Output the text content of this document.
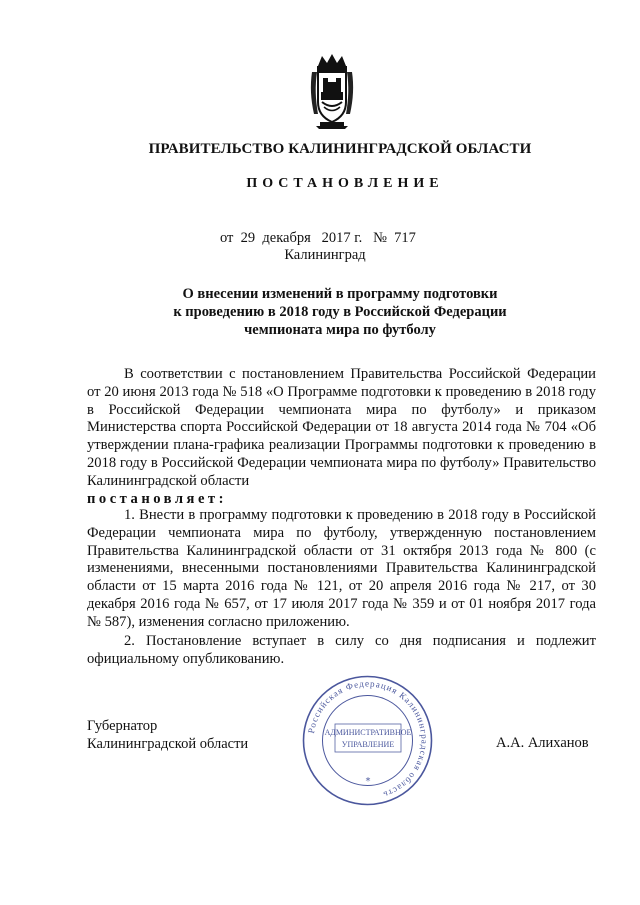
ПРАВИТЕЛЬСТВО КАЛИНИНГРАДСКОЙ ОБЛАСТИ
ПОСТАНОВЛЕНИЕ
от  29  декабря   2017 г.   №  717
Калининград
О внесении изменений в программу подготовки
к проведению в 2018 году в Российской Федерации
чемпионата мира по футболу
В соответствии с постановлением Правительства Российской Федерации от 20 июня 2013 года № 518 «О Программе подготовки к проведению в 2018 году в Российской Федерации чемпионата мира по футболу» и приказом Министерства спорта Российской Федерации от 18 августа 2014 года № 704 «Об утверждении плана-графика реализации Программы подготовки к проведению в 2018 году в Российской Федерации чемпионата мира по футболу» Правительство Калининградской области
постановляет:
1. Внести в программу подготовки к проведению в 2018 году в Российской Федерации чемпионата мира по футболу, утвержденную постановлением Правительства Калининградской области от 31 октября 2013 года № 800 (с изменениями, внесенными постановлениями Правительства Калининградской области от 15 марта 2016 года № 121, от 20 апреля 2016 года № 217, от 30 декабря 2016 года № 657, от 17 июля 2017 года № 359 и от 01 ноября 2017 года № 587), изменения согласно приложению.
2. Постановление вступает в силу со дня подписания и подлежит официальному опубликованию.
Губернатор
Калининградской области	А.А. Алиханов
Российская Федерация Калининградская область
АДМИНИСТРАТИВНОЕ
УПРАВЛЕНИЕ
*
